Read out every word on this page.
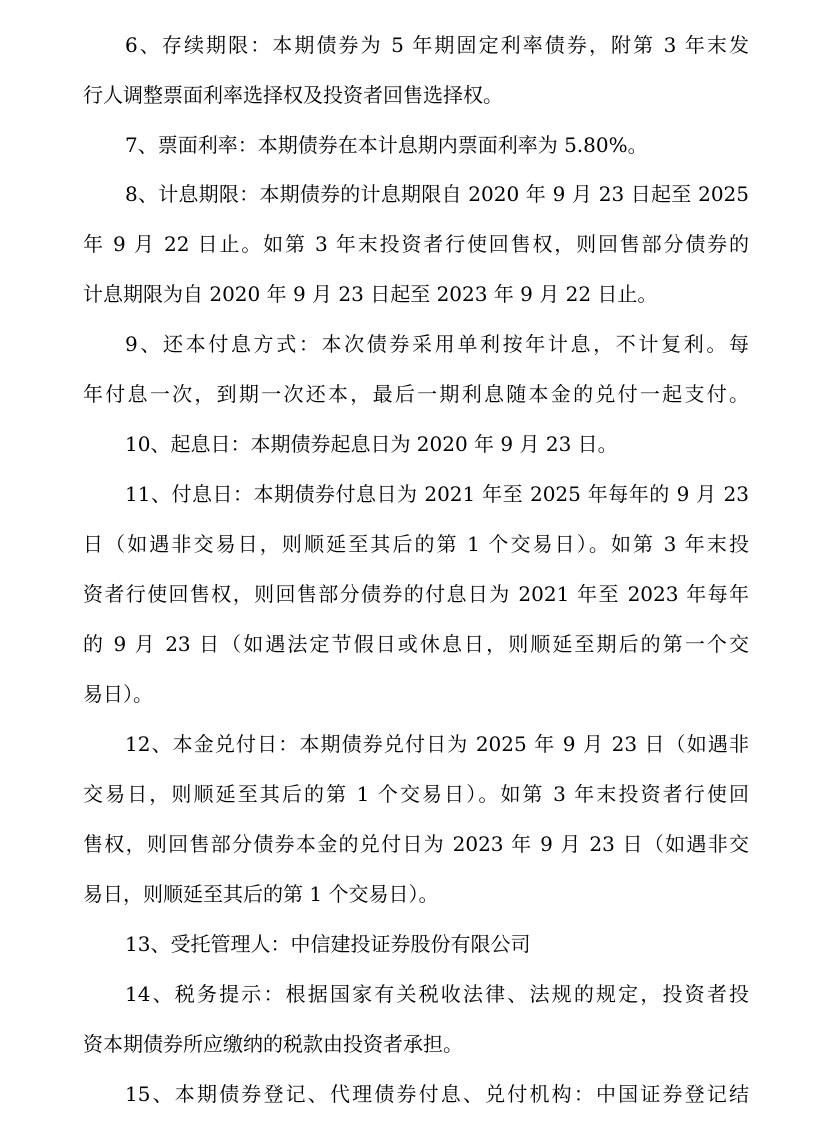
6、存续期限：本期债券为 5 年期固定利率债券，附第 3 年末发

行人调整票面利率选择权及投资者回售选择权。

7、票面利率：本期债券在本计息期内票面利率为 5.80%。

8、计息期限：本期债券的计息期限自 2020 年 9 月 23 日起至 2025

年 9 月 22 日止。如第 3 年末投资者行使回售权，则回售部分债券的

计息期限为自 2020 年 9 月 23 日起至 2023 年 9 月 22 日止。

9、还本付息方式：本次债券采用单利按年计息，不计复利。每

年付息一次，到期一次还本，最后一期利息随本金的兑付一起支付。

10、起息日：本期债券起息日为 2020 年 9 月 23 日。

11、付息日：本期债券付息日为 2021 年至 2025 年每年的 9 月 23

日（如遇非交易日，则顺延至其后的第 1 个交易日）。如第 3 年末投

资者行使回售权，则回售部分债券的付息日为 2021 年至 2023 年每年

的 9 月 23 日（如遇法定节假日或休息日，则顺延至期后的第一个交

易日）。

12、本金兑付日：本期债券兑付日为 2025 年 9 月 23 日（如遇非

交易日，则顺延至其后的第 1 个交易日）。如第 3 年末投资者行使回

售权，则回售部分债券本金的兑付日为 2023 年 9 月 23 日（如遇非交

易日，则顺延至其后的第 1 个交易日）。

13、受托管理人：中信建投证券股份有限公司

14、税务提示：根据国家有关税收法律、法规的规定，投资者投

资本期债券所应缴纳的税款由投资者承担。

15、本期债券登记、代理债券付息、兑付机构：中国证券登记结
